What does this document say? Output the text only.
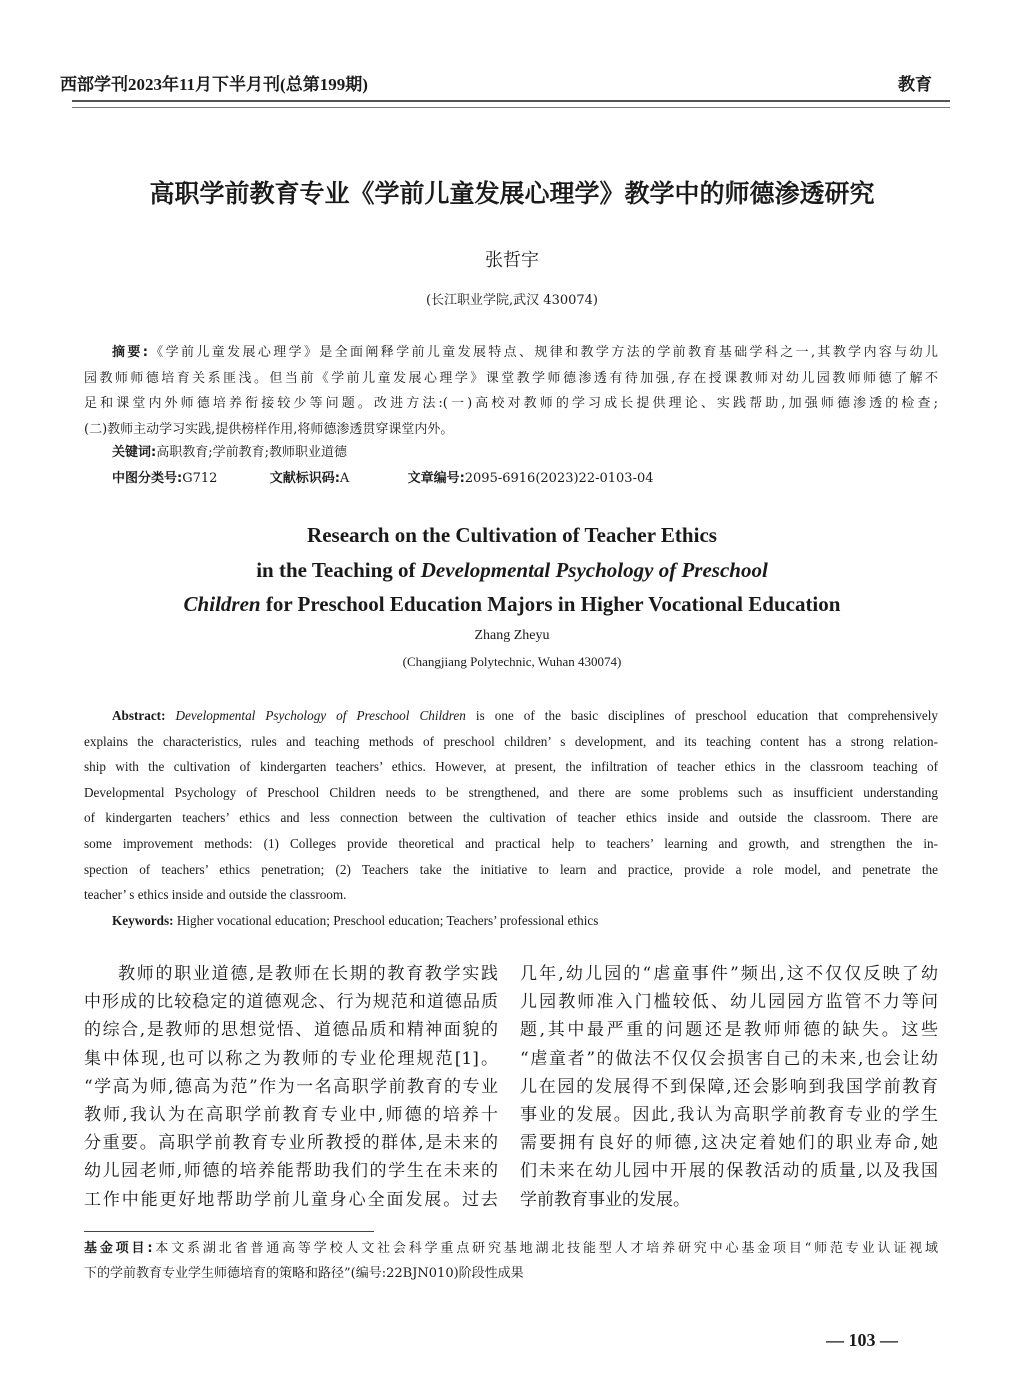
西部学刊2023年11月下半月刊(总第199期)	教育
高职学前教育专业《学前儿童发展心理学》教学中的师德渗透研究
张哲宇
(长江职业学院,武汉 430074)
摘要:《学前儿童发展心理学》是全面阐释学前儿童发展特点、规律和教学方法的学前教育基础学科之一,其教学内容与幼儿
园教师师德培育关系匪浅。但当前《学前儿童发展心理学》课堂教学师德渗透有待加强,存在授课教师对幼儿园教师师德了解不
足和课堂内外师德培养衔接较少等问题。改进方法:(一)高校对教师的学习成长提供理论、实践帮助,加强师德渗透的检查;
(二)教师主动学习实践,提供榜样作用,将师德渗透贯穿课堂内外。
关键词:高职教育;学前教育;教师职业道德
中图分类号:G712	文献标识码:A	文章编号:2095-6916(2023)22-0103-04
Research on the Cultivation of Teacher Ethics
in the Teaching of Developmental Psychology of Preschool
Children for Preschool Education Majors in Higher Vocational Education
Zhang Zheyu
(Changjiang Polytechnic, Wuhan 430074)
Abstract: Developmental Psychology of Preschool Children is one of the basic disciplines of preschool education that comprehensively
explains the characteristics, rules and teaching methods of preschool children’ s development, and its teaching content has a strong relation-
ship with the cultivation of kindergarten teachers’ ethics. However, at present, the infiltration of teacher ethics in the classroom teaching of
Developmental Psychology of Preschool Children needs to be strengthened, and there are some problems such as insufficient understanding
of kindergarten teachers’ ethics and less connection between the cultivation of teacher ethics inside and outside the classroom. There are
some improvement methods: (1) Colleges provide theoretical and practical help to teachers’ learning and growth, and strengthen the in-
spection of teachers’ ethics penetration; (2) Teachers take the initiative to learn and practice, provide a role model, and penetrate the
teacher’ s ethics inside and outside the classroom.
Keywords: Higher vocational education; Preschool education; Teachers’ professional ethics
教师的职业道德,是教师在长期的教育教学实践
中形成的比较稳定的道德观念、行为规范和道德品质
的综合,是教师的思想觉悟、道德品质和精神面貌的
集中体现,也可以称之为教师的专业伦理规范[1]。
“学高为师,德高为范”作为一名高职学前教育的专业
教师,我认为在高职学前教育专业中,师德的培养十
分重要。高职学前教育专业所教授的群体,是未来的
幼儿园老师,师德的培养能帮助我们的学生在未来的
工作中能更好地帮助学前儿童身心全面发展。过去
几年,幼儿园的“虐童事件”频出,这不仅仅反映了幼
儿园教师准入门槛较低、幼儿园园方监管不力等问
题,其中最严重的问题还是教师师德的缺失。这些
“虐童者”的做法不仅仅会损害自己的未来,也会让幼
儿在园的发展得不到保障,还会影响到我国学前教育
事业的发展。因此,我认为高职学前教育专业的学生
需要拥有良好的师德,这决定着她们的职业寿命,她
们未来在幼儿园中开展的保教活动的质量,以及我国
学前教育事业的发展。
基金项目:本文系湖北省普通高等学校人文社会科学重点研究基地湖北技能型人才培养研究中心基金项目“师范专业认证视域
下的学前教育专业学生师德培育的策略和路径”(编号:22BJN010)阶段性成果
— 103 —
